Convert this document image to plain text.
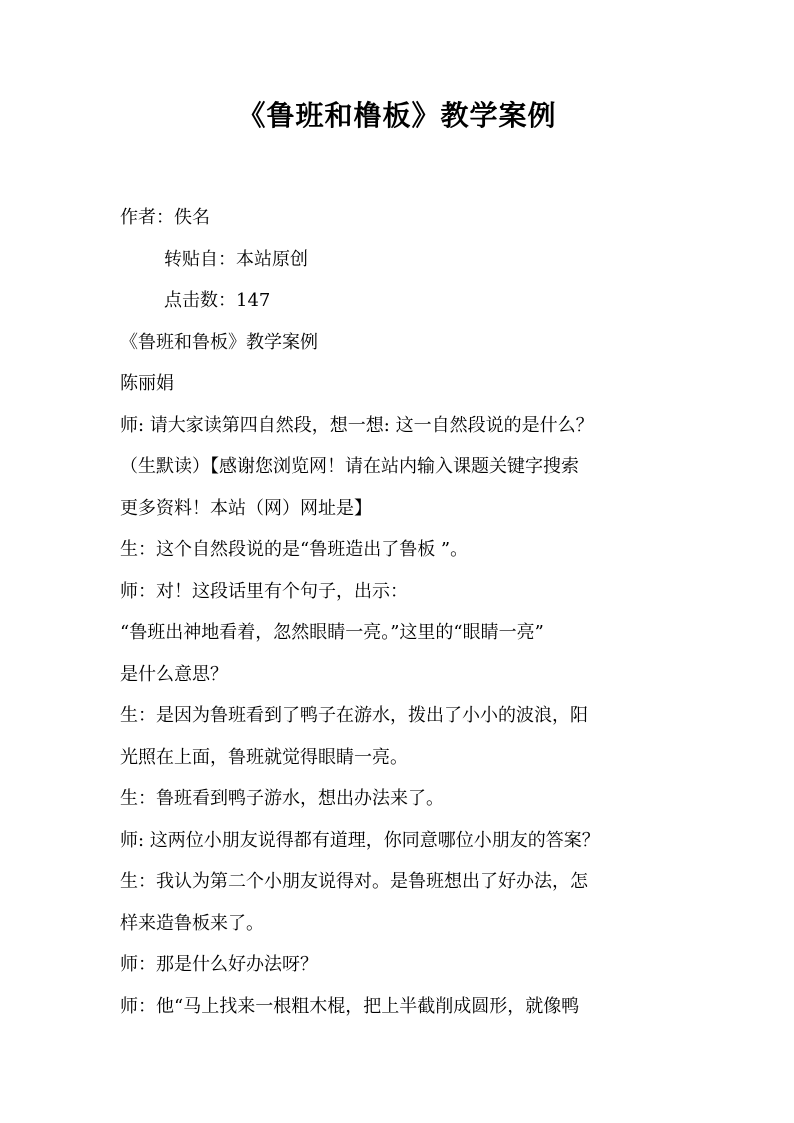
《鲁班和橹板》教学案例
作者：佚名
转贴自：本站原创
点击数：147
《鲁班和鲁板》教学案例
陈丽娟
师: 请大家读第四自然段，想一想: 这一自然段说的是什么？
（生默读）【感谢您浏览网！请在站内输入课题关键字搜索
更多资料！本站（网）网址是】
生：这个自然段说的是“鲁班造出了鲁板 ”。
师：对！这段话里有个句子，出示：
“鲁班出神地看着，忽然眼睛一亮。”这里的“眼睛一亮”
是什么意思？
生：是因为鲁班看到了鸭子在游水，拨出了小小的波浪，阳
光照在上面，鲁班就觉得眼睛一亮。
生：鲁班看到鸭子游水，想出办法来了。
师: 这两位小朋友说得都有道理，你同意哪位小朋友的答案？
生：我认为第二个小朋友说得对。是鲁班想出了好办法，怎
样来造鲁板来了。
师：那是什么好办法呀？
师：他“马上找来一根粗木棍，把上半截削成圆形，就像鸭
